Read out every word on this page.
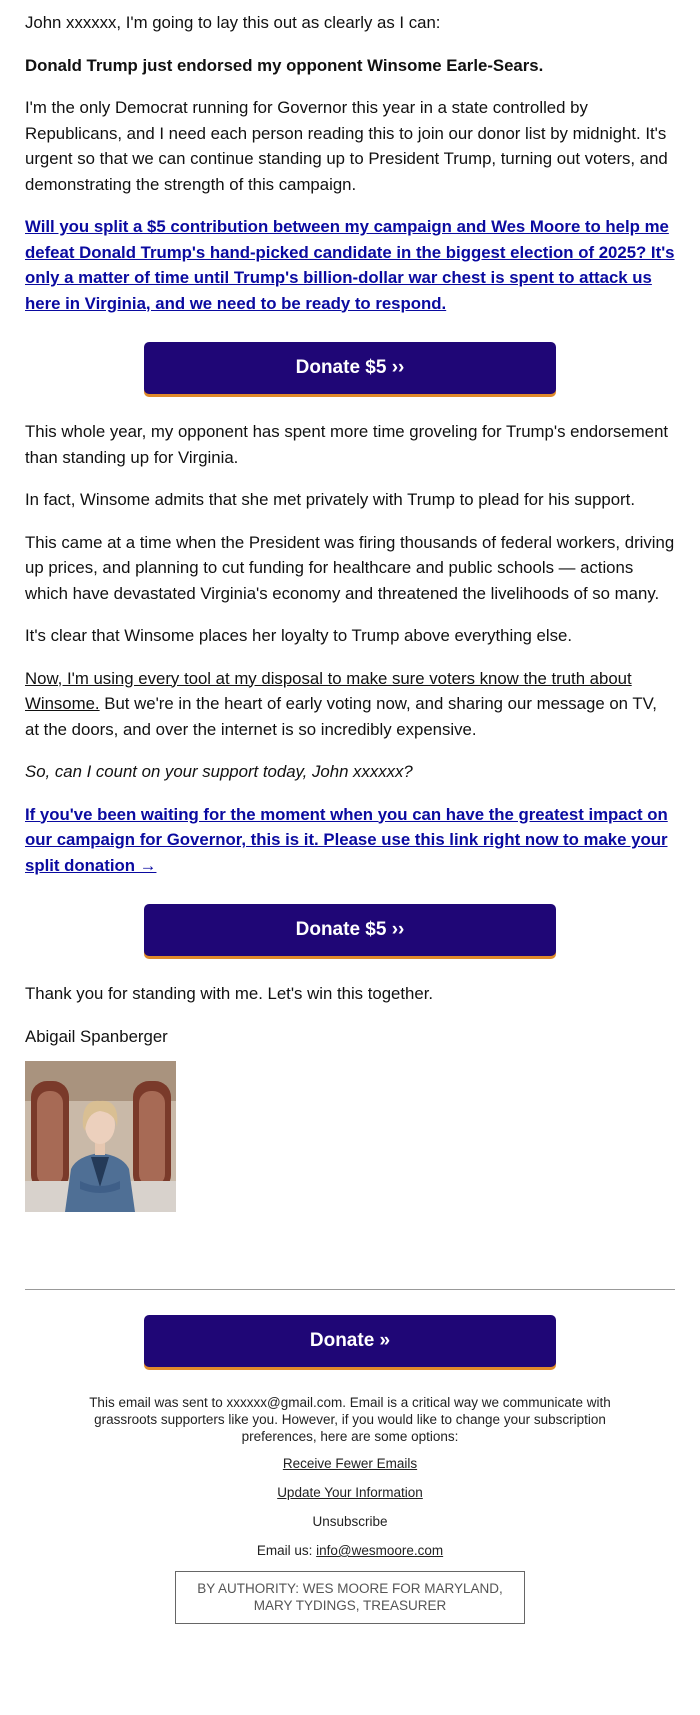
John xxxxxx, I'm going to lay this out as clearly as I can:

Donald Trump just endorsed my opponent Winsome Earle-Sears.

I'm the only Democrat running for Governor this year in a state controlled by Republicans, and I need each person reading this to join our donor list by midnight. It's urgent so that we can continue standing up to President Trump, turning out voters, and demonstrating the strength of this campaign.

Will you split a $5 contribution between my campaign and Wes Moore to help me defeat Donald Trump's hand-picked candidate in the biggest election of 2025? It's only a matter of time until Trump's billion-dollar war chest is spent to attack us here in Virginia, and we need to be ready to respond.
Donate $5 ››

This whole year, my opponent has spent more time groveling for Trump's endorsement than standing up for Virginia.

In fact, Winsome admits that she met privately with Trump to plead for his support.

This came at a time when the President was firing thousands of federal workers, driving up prices, and planning to cut funding for healthcare and public schools — actions which have devastated Virginia's economy and threatened the livelihoods of so many.

It's clear that Winsome places her loyalty to Trump above everything else.

Now, I'm using every tool at my disposal to make sure voters know the truth about Winsome. But we're in the heart of early voting now, and sharing our message on TV, at the doors, and over the internet is so incredibly expensive.

So, can I count on your support today, John xxxxxx?

If you've been waiting for the moment when you can have the greatest impact on our campaign for Governor, this is it. Please use this link right now to make your split donation →
Donate $5 ››

Thank you for standing with me. Let's win this together.

Abigail Spanberger

Donate »
This email was sent to xxxxxx@gmail.com. Email is a critical way we communicate with grassroots supporters like you. However, if you would like to change your subscription preferences, here are some options:
Receive Fewer Emails
Update Your Information
Unsubscribe
Email us: info@wesmoore.com
BY AUTHORITY: WES MOORE FOR MARYLAND, MARY TYDINGS, TREASURER
